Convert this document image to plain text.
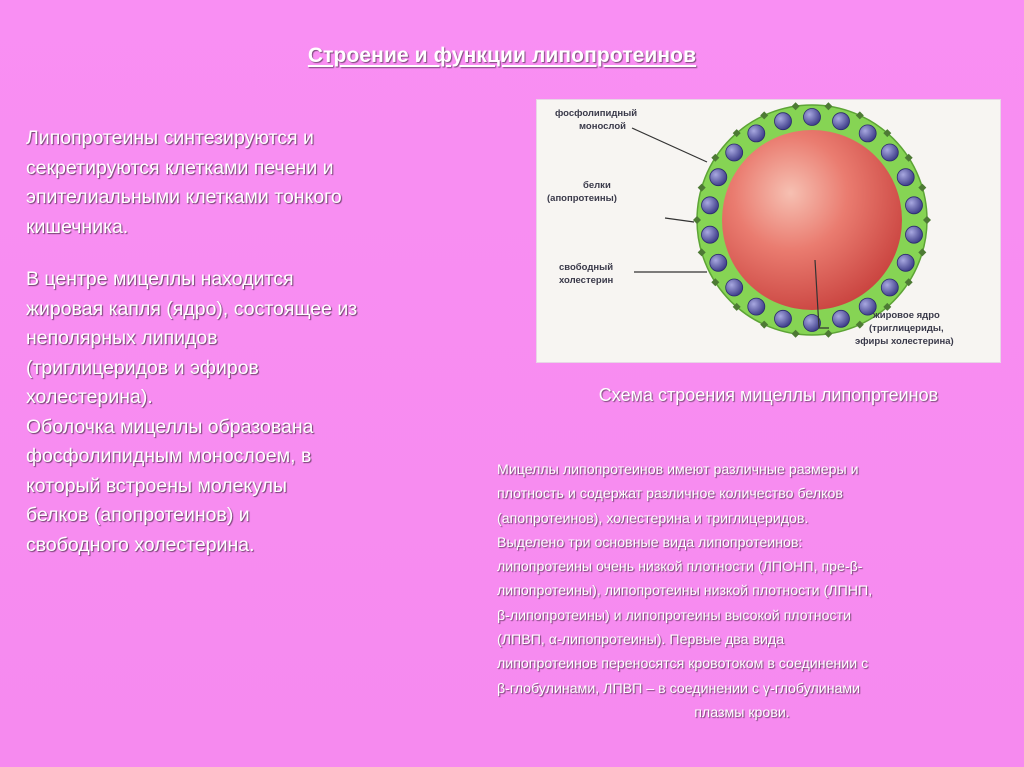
Строение и функции липопротеинов

Липопротеины синтезируются и
секретируются клетками печени и
эпителиальными клетками тонкого
кишечника.

В центре мицеллы находится
жировая капля (ядро), состоящее из
неполярных липидов
(триглицеридов и эфиров
холестерина).
Оболочка мицеллы образована
фосфолипидным монослоем, в
который встроены молекулы
белков (апопротеинов) и
свободного холестерина.

фосфолипидный
монослой
белки
(апопротеины)
свободный
холестерин
жировое ядро
(триглицериды,
эфиры холестерина)
Схема строения мицеллы липопртеинов

Мицеллы липопротеинов имеют различные размеры и
плотность и содержат различное количество белков
(апопротеинов), холестерина и триглицеридов.
Выделено три основные вида липопротеинов:
липопротеины очень низкой плотности (ЛПОНП, пре-β-
липопротеины), липопротеины низкой плотности (ЛПНП,
β-липопротеины) и липопротеины высокой плотности
(ЛПВП, α-липопротеины). Первые два вида
липопротеинов переносятся кровотоком в соединении с
β-глобулинами, ЛПВП – в соединении с γ-глобулинами

плазмы крови.
